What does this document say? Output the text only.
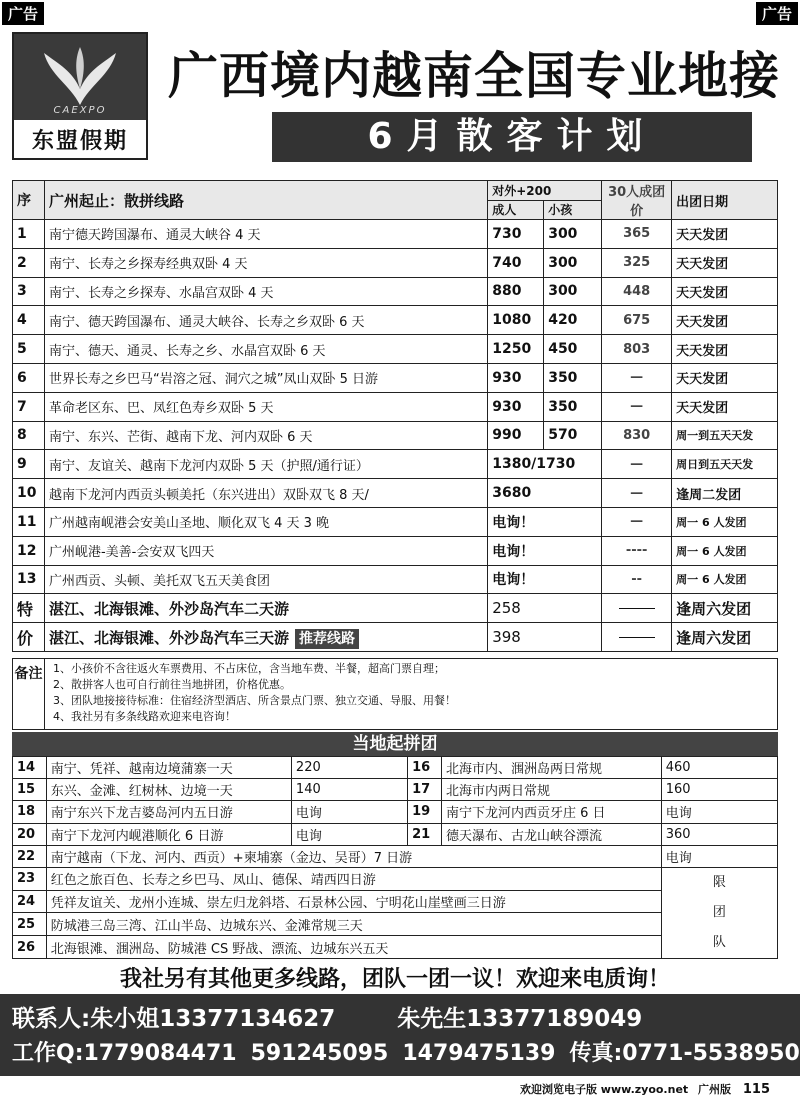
广告	广告
CAEXPO
东盟假期
广西境内越南全国专业地接
6月散客计划
序	广州起止：散拼线路	对外+200		30人成团价	出团日期
		成人	小孩		
1	南宁德天跨国瀑布、通灵大峡谷 4 天	730	300	365	天天发团
2	南宁、长寿之乡探寿经典双卧 4 天	740	300	325	天天发团
3	南宁、长寿之乡探寿、水晶宫双卧 4 天	880	300	448	天天发团
4	南宁、德天跨国瀑布、通灵大峡谷、长寿之乡双卧 6 天	1080	420	675	天天发团
5	南宁、德天、通灵、长寿之乡、水晶宫双卧 6 天	1250	450	803	天天发团
6	世界长寿之乡巴马“岩溶之冠、洞穴之城”凤山双卧 5 日游	930	350	—	天天发团
7	革命老区东、巴、凤红色寿乡双卧 5 天	930	350	—	天天发团
8	南宁、东兴、芒街、越南下龙、河内双卧 6 天	990	570	830	周一到五天天发
9	南宁、友谊关、越南下龙河内双卧 5 天（护照/通行证）	1380/1730		—	周日到五天天发
10	越南下龙河内西贡头顿美托（东兴进出）双卧双飞 8 天/	3680		—	逢周二发团
11	广州越南岘港会安美山圣地、顺化双飞 4 天 3 晚	电询！		—	周一 6 人发团
12	广州岘港-美善-会安双飞四天	电询！		----	周一 6 人发团
13	广州西贡、头顿、美托双飞五天美食团	电询！		--	周一 6 人发团
特	湛江、北海银滩、外沙岛汽车二天游	258			逢周六发团
价	湛江、北海银滩、外沙岛汽车三天游 推荐线路	398			逢周六发团
备注 1、小孩价不含往返火车票费用、不占床位，含当地车费、半餐，超高门票自理；
2、散拼客人也可自行前往当地拼团，价格优惠。
3、团队地接接待标准：住宿经济型酒店、所含景点门票、独立交通、导服、用餐！
4、我社另有多条线路欢迎来电咨询！
当地起拼团
14	南宁、凭祥、越南边境蒲寨一天	220	16	北海市内、涠洲岛两日常规	460
15	东兴、金滩、红树林、边境一天	140	17	北海市内两日常规	160
18	南宁东兴下龙吉婆岛河内五日游	电询	19	南宁下龙河内西贡牙庄 6 日	电询
20	南宁下龙河内岘港顺化 6 日游	电询	21	德天瀑布、古龙山峡谷漂流	360
22	南宁越南（下龙、河内、西贡）+柬埔寨（金边、吴哥）7 日游				电询
23	红色之旅百色、长寿之乡巴马、凤山、德保、靖西四日游				限
团
队

24	凭祥友谊关、龙州小连城、崇左归龙斜塔、石景林公园、宁明花山崖壁画三日游				
25	防城港三岛三湾、江山半岛、边城东兴、金滩常规三天				
26	北海银滩、涠洲岛、防城港 CS 野战、漂流、边城东兴五天				
我社另有其他更多线路，团队一团一议！欢迎来电质询！
联系人:朱小姐13377134627	朱先生13377189049
工作Q:1779084471 591245095 1479475139 传真:0771-5538950
欢迎浏览电子版 www.zyoo.net 广州版 115
